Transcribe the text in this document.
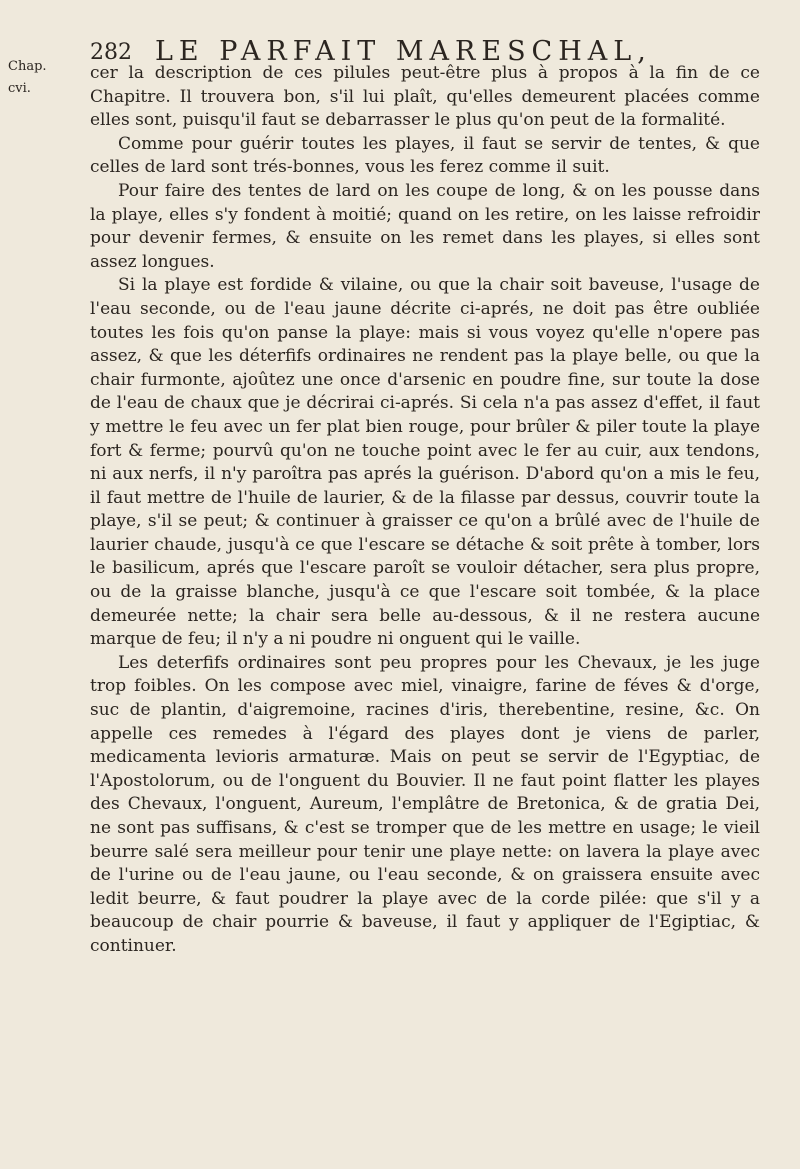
282 LE PARFAIT MARESCHAL,
Chap.
cvi.

cer la description de ces pilules peut-être plus à propos à la fin de ce Chapitre. Il trouvera bon, s'il lui plaît, qu'elles demeurent placées comme elles sont, puisqu'il faut se debarrasser le plus qu'on peut de la formalité.

Comme pour guérir toutes les playes, il faut se servir de tentes, & que celles de lard sont trés-bonnes, vous les ferez comme il suit.

Pour faire des tentes de lard on les coupe de long, & on les pousse dans la playe, elles s'y fondent à moitié; quand on les retire, on les laisse refroidir pour devenir fermes, & ensuite on les remet dans les playes, si elles sont assez longues.

Si la playe est fordide & vilaine, ou que la chair soit baveuse, l'usage de l'eau seconde, ou de l'eau jaune décrite ci-aprés, ne doit pas être oubliée toutes les fois qu'on panse la playe: mais si vous voyez qu'elle n'opere pas assez, & que les déterfifs ordinaires ne rendent pas la playe belle, ou que la chair furmonte, ajoûtez une once d'arsenic en poudre fine, sur toute la dose de l'eau de chaux que je décrirai ci-aprés. Si cela n'a pas assez d'effet, il faut y mettre le feu avec un fer plat bien rouge, pour brûler & piler toute la playe fort & ferme; pourvû qu'on ne touche point avec le fer au cuir, aux tendons, ni aux nerfs, il n'y paroîtra pas aprés la guérison. D'abord qu'on a mis le feu, il faut mettre de l'huile de laurier, & de la filasse par dessus, couvrir toute la playe, s'il se peut; & continuer à graisser ce qu'on a brûlé avec de l'huile de laurier chaude, jusqu'à ce que l'escare se détache & soit prête à tomber, lors le basilicum, aprés que l'escare paroît se vouloir détacher, sera plus propre, ou de la graisse blanche, jusqu'à ce que l'escare soit tombée, & la place demeurée nette; la chair sera belle au-dessous, & il ne restera aucune marque de feu; il n'y a ni poudre ni onguent qui le vaille.

Les deterfifs ordinaires sont peu propres pour les Chevaux, je les juge trop foibles. On les compose avec miel, vinaigre, farine de féves & d'orge, suc de plantin, d'aigremoine, racines d'iris, therebentine, resine, &c. On appelle ces remedes à l'égard des playes dont je viens de parler, medicamenta levioris armaturæ. Mais on peut se servir de l'Egyptiac, de l'Apostolorum, ou de l'onguent du Bouvier. Il ne faut point flatter les playes des Chevaux, l'onguent, Aureum, l'emplâtre de Bretonica, & de gratia Dei, ne sont pas suffisans, & c'est se tromper que de les mettre en usage; le vieil beurre salé sera meilleur pour tenir une playe nette: on lavera la playe avec de l'urine ou de l'eau jaune, ou l'eau seconde, & on graissera ensuite avec ledit beurre, & faut poudrer la playe avec de la corde pilée: que s'il y a beaucoup de chair pourrie & baveuse, il faut y appliquer de l'Egiptiac, & continuer.
